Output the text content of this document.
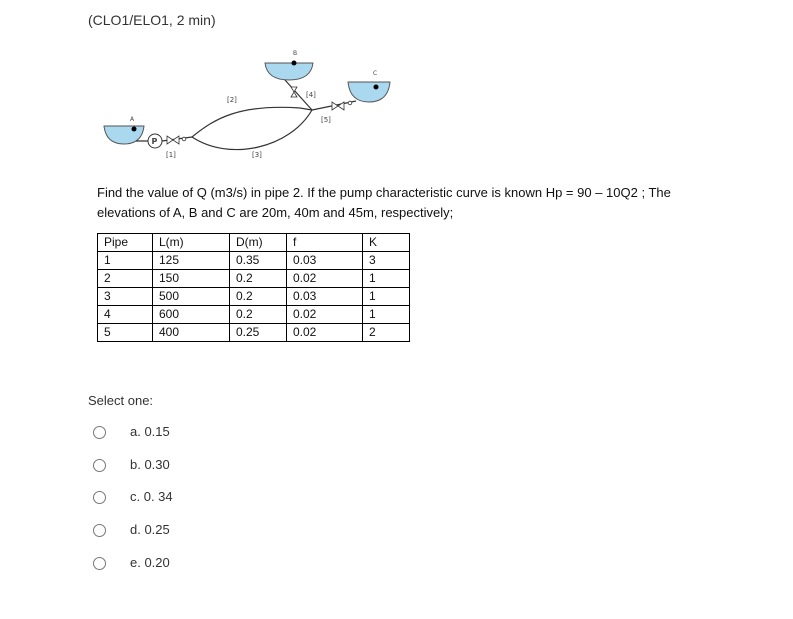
(CLO1/ELO1, 2 min)
A
B
C
P
[1]
[2]
[3]
[4]
[5]
Find the value of Q (m3/s) in pipe 2. If the pump characteristic curve is known Hp = 90 – 10Q2 ; The
elevations of A, B and C are 20m, 40m and 45m, respectively;
Pipe	L(m)	D(m)	f	K
1	125	0.35	0.03	3
2	150	0.2	0.02	1
3	500	0.2	0.03	1
4	600	0.2	0.02	1
5	400	0.25	0.02	2
Select one:
a. 0.15
b. 0.30
c. 0. 34
d. 0.25
e. 0.20
